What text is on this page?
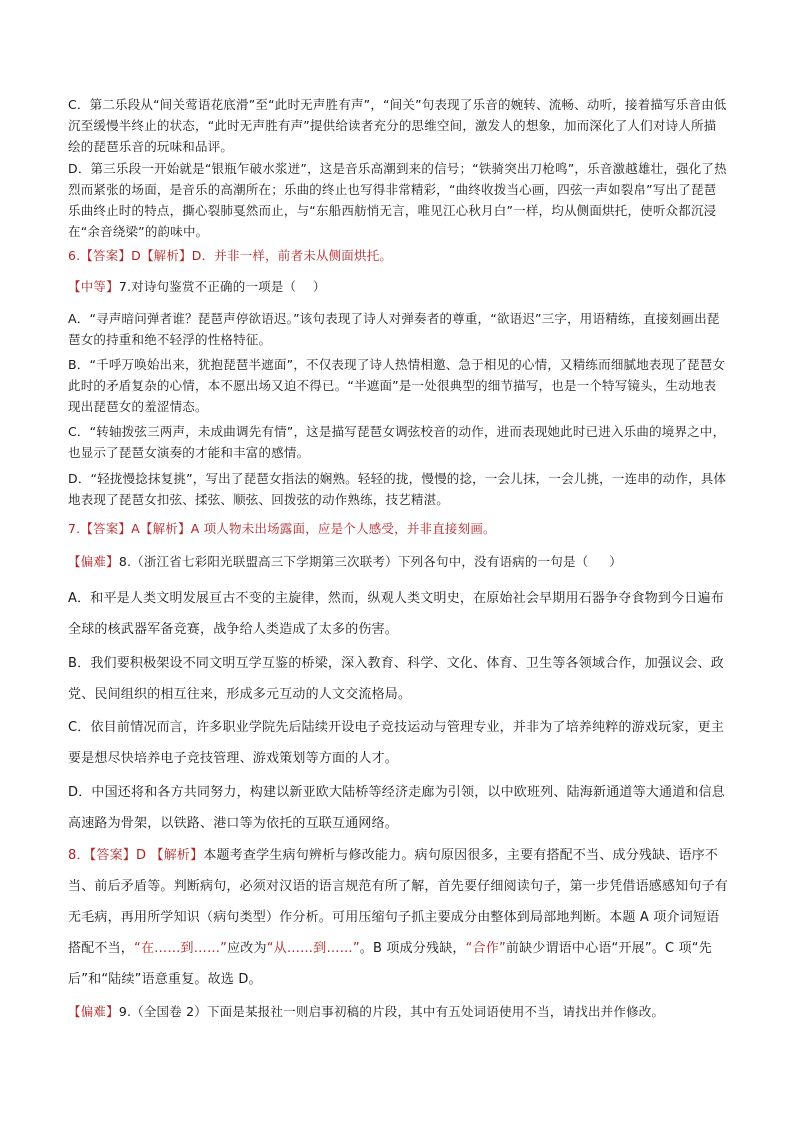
C．第二乐段从“间关莺语花底滑”至“此时无声胜有声”，“间关”句表现了乐音的婉转、流畅、动听，接着描写乐音由低沉至缓慢半终止的状态，“此时无声胜有声”提供给读者充分的思维空间，激发人的想象，加而深化了人们对诗人所描绘的琵琶乐音的玩味和品评。

D．第三乐段一开始就是“银瓶乍破水浆迸”，这是音乐高潮到来的信号；“铁骑突出刀枪鸣”，乐音激越雄壮，强化了热烈而紧张的场面，是音乐的高潮所在；乐曲的终止也写得非常精彩，“曲终收拨当心画，四弦一声如裂帛”写出了琵琶乐曲终止时的特点，撕心裂肺戛然而止，与“东船西舫悄无言，唯见江心秋月白”一样，均从侧面烘托，使听众都沉浸在“余音绕梁”的韵味中。

6.【答案】D【解析】D．并非一样，前者未从侧面烘托。

【中等】7.对诗句鉴赏不正确的一项是（    ）

A．“寻声暗问弹者谁？琵琶声停欲语迟。”该句表现了诗人对弹奏者的尊重，“欲语迟”三字，用语精练，直接刻画出琵琶女的持重和绝不轻浮的性格特征。

B．“千呼万唤始出来，犹抱琵琶半遮面”，不仅表现了诗人热情相邀、急于相见的心情，又精练而细腻地表现了琵琶女此时的矛盾复杂的心情，本不愿出场又迫不得已。“半遮面”是一处很典型的细节描写，也是一个特写镜头，生动地表现出琵琶女的羞涩情态。

C．“转轴拨弦三两声，未成曲调先有情”，这是描写琵琶女调弦校音的动作，进而表现她此时已进入乐曲的境界之中，也显示了琵琶女演奏的才能和丰富的感情。

D．“轻拢慢捻抹复挑”，写出了琵琶女指法的娴熟。轻轻的拢，慢慢的捻，一会儿抹，一会儿挑，一连串的动作，具体地表现了琵琶女扣弦、揉弦、顺弦、回拨弦的动作熟练，技艺精湛。

7.【答案】A【解析】A 项人物未出场露面，应是个人感受，并非直接刻画。

【偏难】8.（浙江省七彩阳光联盟高三下学期第三次联考）下列各句中，没有语病的一句是（     ）

A．和平是人类文明发展亘古不变的主旋律，然而，纵观人类文明史，在原始社会早期用石器争夺食物到今日遍布全球的核武器军备竞赛，战争给人类造成了太多的伤害。

B．我们要积极架设不同文明互学互鉴的桥梁，深入教育、科学、文化、体育、卫生等各领域合作，加强议会、政党、民间组织的相互往来，形成多元互动的人文交流格局。

C．依目前情况而言，许多职业学院先后陆续开设电子竞技运动与管理专业，并非为了培养纯粹的游戏玩家，更主要是想尽快培养电子竞技管理、游戏策划等方面的人才。

D．中国还将和各方共同努力，构建以新亚欧大陆桥等经济走廊为引领，以中欧班列、陆海新通道等大通道和信息高速路为骨架，以铁路、港口等为依托的互联互通网络。

8．【答案】D 【解析】本题考查学生病句辨析与修改能力。病句原因很多，主要有搭配不当、成分残缺、语序不当、前后矛盾等。判断病句，必须对汉语的语言规范有所了解，首先要仔细阅读句子，第一步凭借语感感知句子有无毛病，再用所学知识（病句类型）作分析。可用压缩句子抓主要成分由整体到局部地判断。本题 A 项介词短语搭配不当，“在……到……”应改为“从……到……”。B 项成分残缺，“合作”前缺少谓语中心语“开展”。C 项“先后”和“陆续”语意重复。故选 D。

【偏难】9.（全国卷 2）下面是某报社一则启事初稿的片段，其中有五处词语使用不当，请找出并作修改。
